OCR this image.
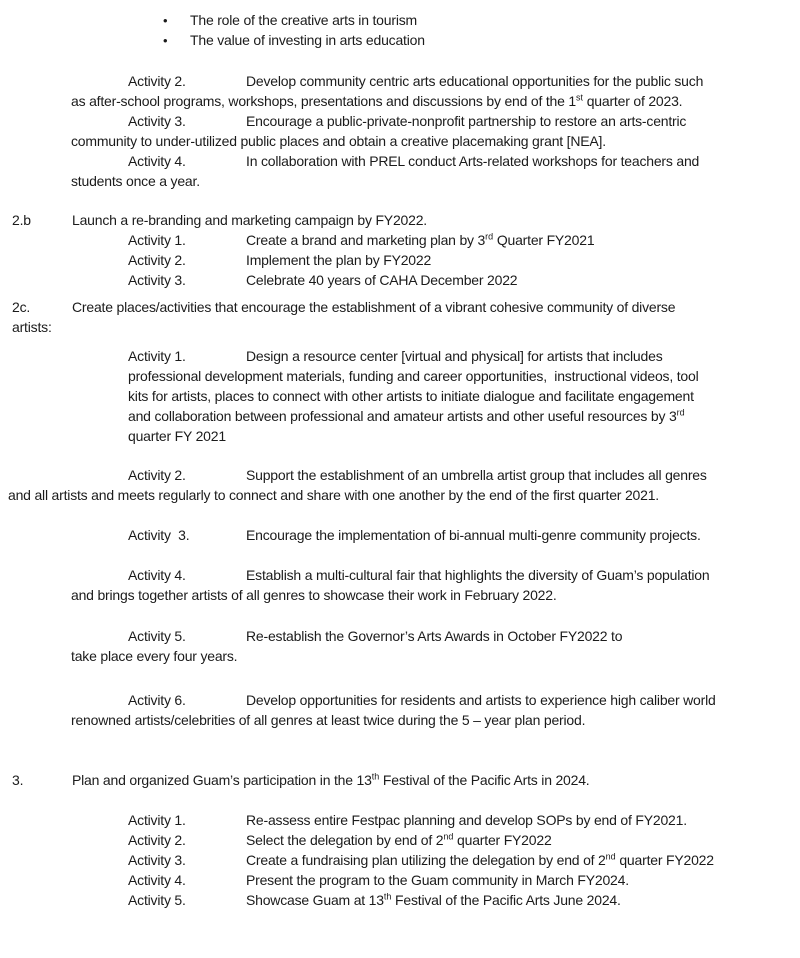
• The role of the creative arts in tourism
• The value of investing in arts education
Activity 2.	Develop community centric arts educational opportunities for the public such
as after-school programs, workshops, presentations and discussions by end of the 1st quarter of 2023.
Activity 3.	Encourage a public-private-nonprofit partnership to restore an arts-centric
community to under-utilized public places and obtain a creative placemaking grant [NEA].
Activity 4.	In collaboration with PREL conduct Arts-related workshops for teachers and
students once a year.
2.b	Launch a re-branding and marketing campaign by FY2022.
Activity 1.	Create a brand and marketing plan by 3rd Quarter FY2021
Activity 2.	Implement the plan by FY2022
Activity 3.	Celebrate 40 years of CAHA December 2022
2c.	Create places/activities that encourage the establishment of a vibrant cohesive community of diverse
artists:
Activity 1.	Design a resource center [virtual and physical] for artists that includes
professional development materials, funding and career opportunities,  instructional videos, tool
kits for artists, places to connect with other artists to initiate dialogue and facilitate engagement
and collaboration between professional and amateur artists and other useful resources by 3rd
quarter FY 2021
Activity 2.	Support the establishment of an umbrella artist group that includes all genres
and all artists and meets regularly to connect and share with one another by the end of the first quarter 2021.
Activity  3.	Encourage the implementation of bi-annual multi-genre community projects.
Activity 4.	Establish a multi-cultural fair that highlights the diversity of Guam’s population
and brings together artists of all genres to showcase their work in February 2022.
Activity 5.	Re-establish the Governor’s Arts Awards in October FY2022 to
take place every four years.
Activity 6.	Develop opportunities for residents and artists to experience high caliber world
renowned artists/celebrities of all genres at least twice during the 5 – year plan period.
3.	Plan and organized Guam’s participation in the 13th Festival of the Pacific Arts in 2024.
Activity 1.	Re-assess entire Festpac planning and develop SOPs by end of FY2021.
Activity 2.	Select the delegation by end of 2nd quarter FY2022
Activity 3.	Create a fundraising plan utilizing the delegation by end of 2nd quarter FY2022
Activity 4.	Present the program to the Guam community in March FY2024.
Activity 5.	Showcase Guam at 13th Festival of the Pacific Arts June 2024.
